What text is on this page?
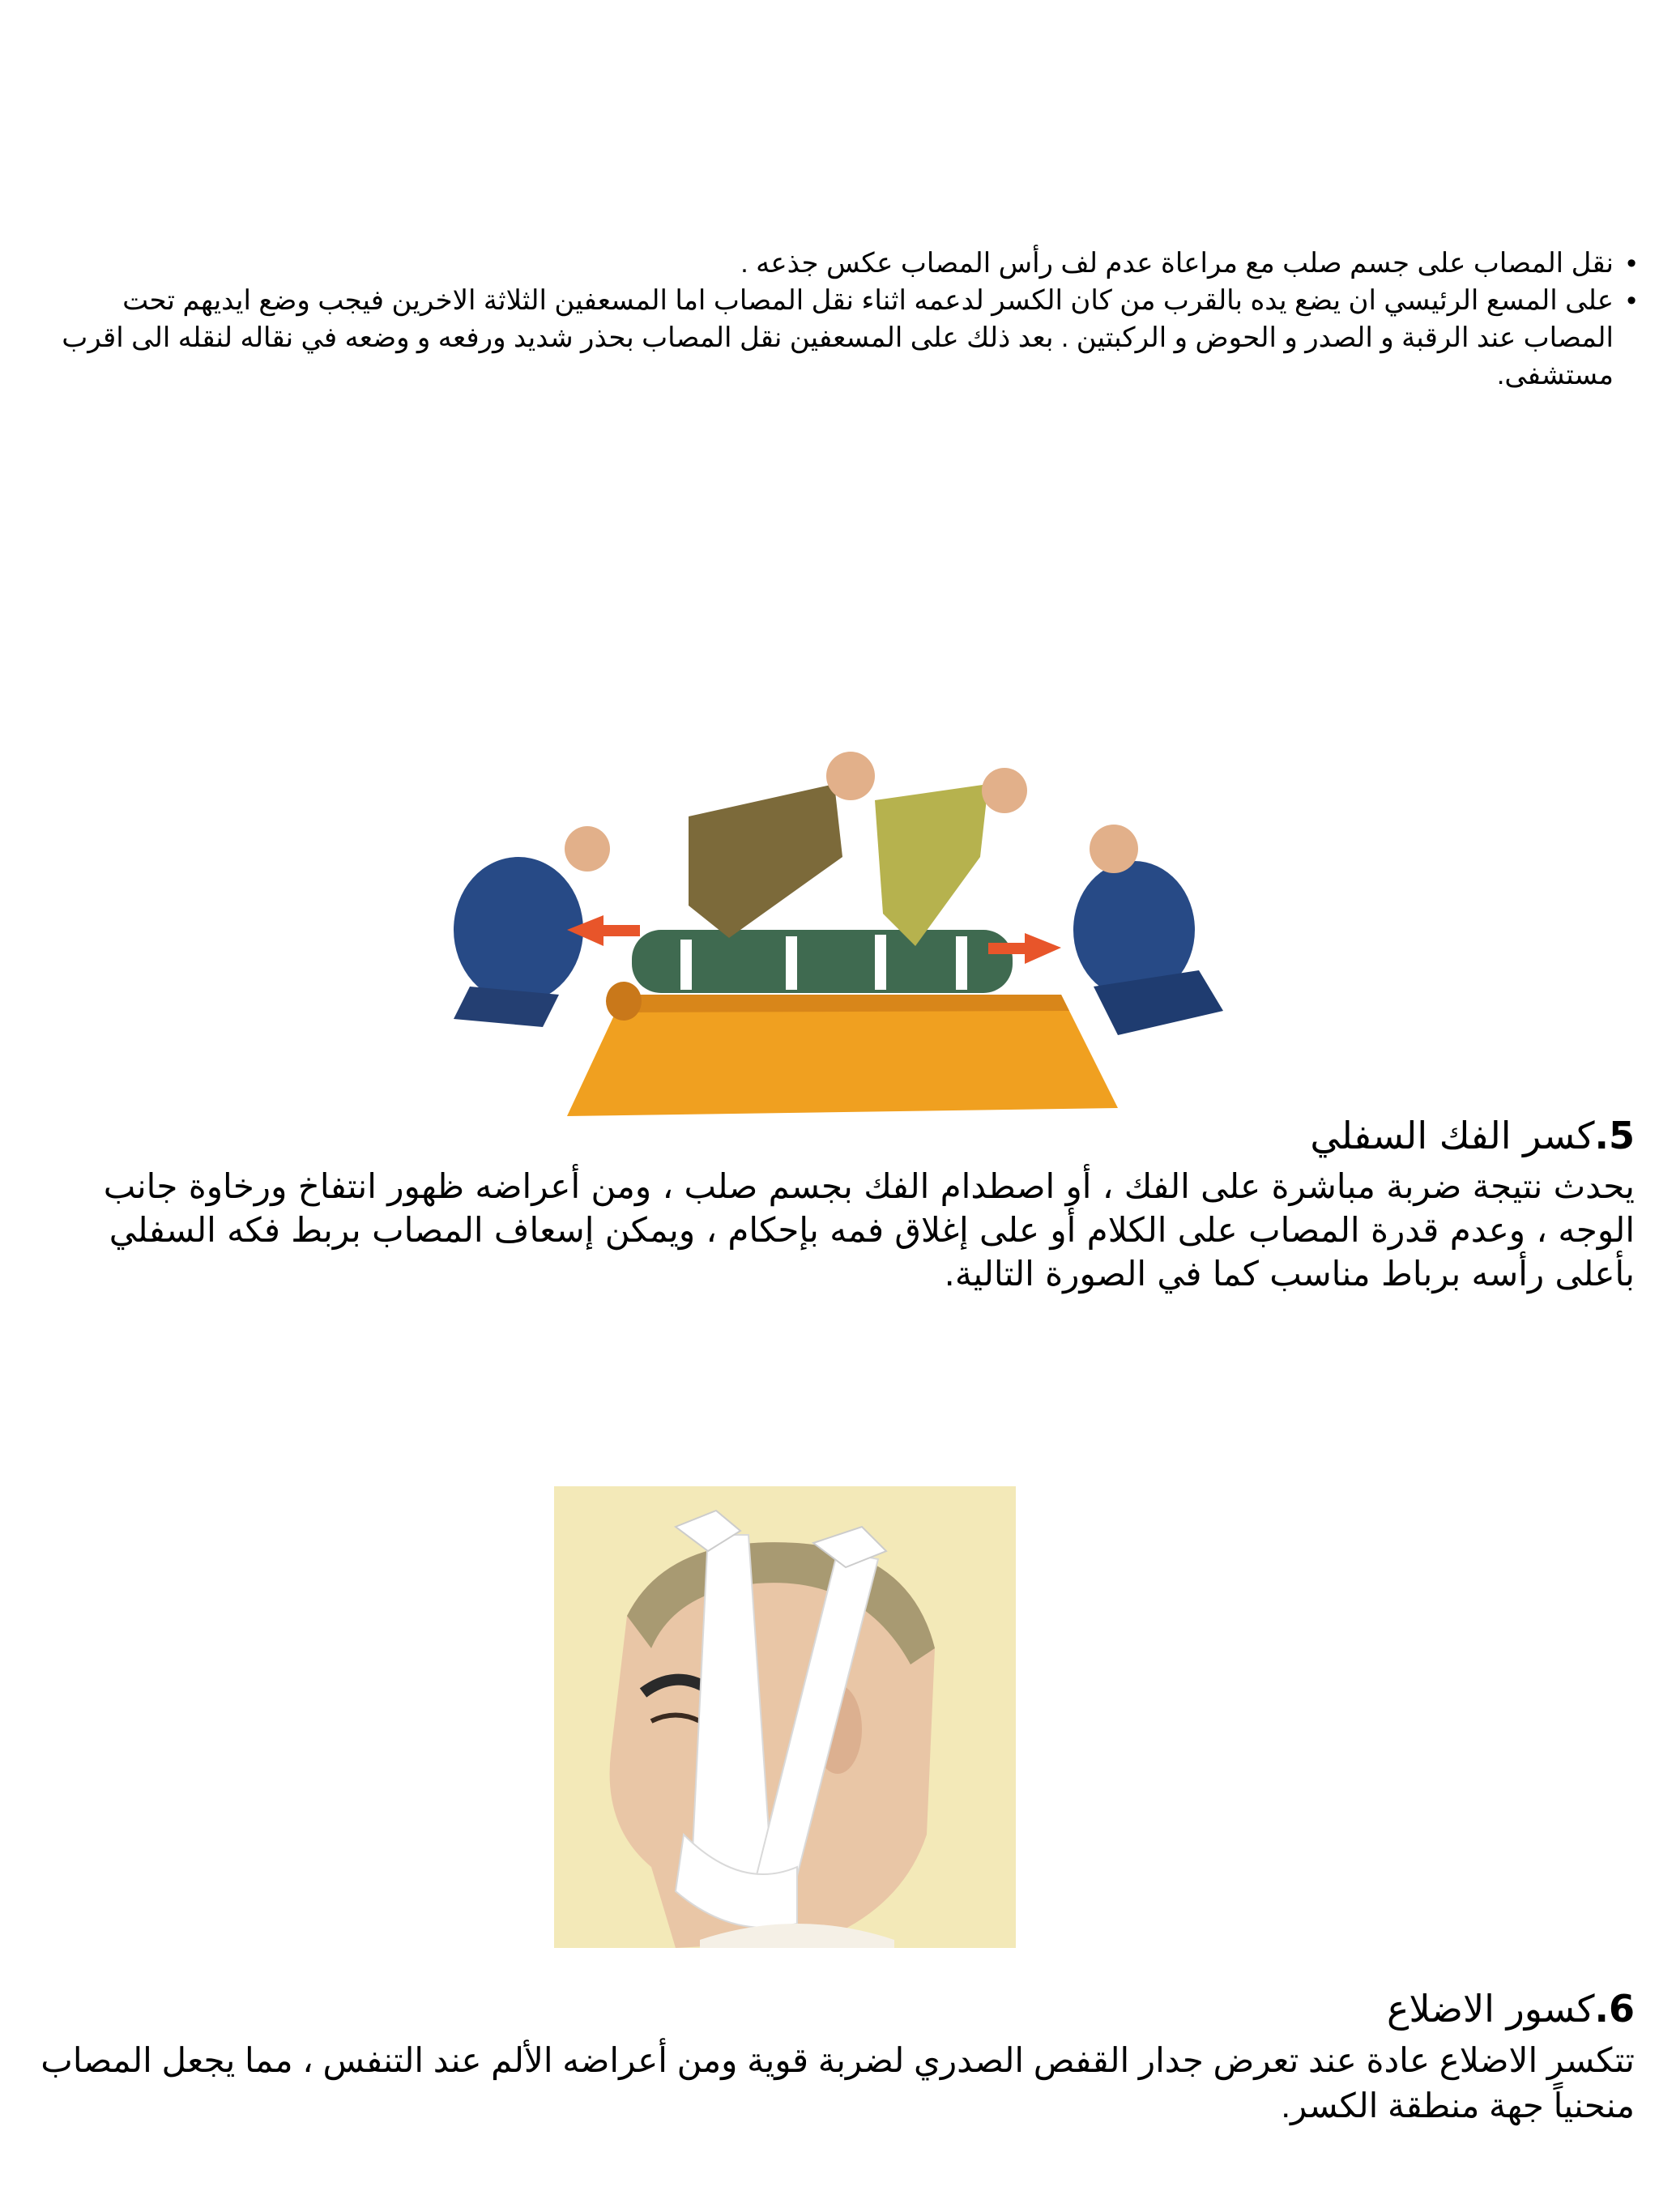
•
نقل المصاب على جسم صلب مع مراعاة عدم لف رأس المصاب عكس جذعه .

•
على المسع الرئيسي ان يضع يده بالقرب من كان الكسر لدعمه اثناء نقل المصاب اما المسعفين الثلاثة الاخرين فيجب وضع ايديهم تحت المصاب عند الرقبة و الصدر و الحوض و الركبتين . بعد ذلك على المسعفين نقل المصاب بحذر شديد ورفعه و وضعه في نقاله لنقله الى اقرب مستشفى.

5.كسر الفك السفلي
يحدث نتيجة ضربة مباشرة على الفك ، أو اصطدام الفك بجسم صلب ، ومن أعراضه ظهور انتفاخ ورخاوة جانب الوجه ، وعدم قدرة المصاب على الكلام أو على إغلاق فمه بإحكام ، ويمكن إسعاف المصاب بربط فكه السفلي بأعلى رأسه برباط مناسب كما في الصورة التالية.
6.كسور الاضلاع
تتكسر الاضلاع عادة عند تعرض جدار القفص الصدري لضربة قوية ومن أعراضه الألم عند التنفس ، مما يجعل المصاب منحنياً جهة منطقة الكسر.
